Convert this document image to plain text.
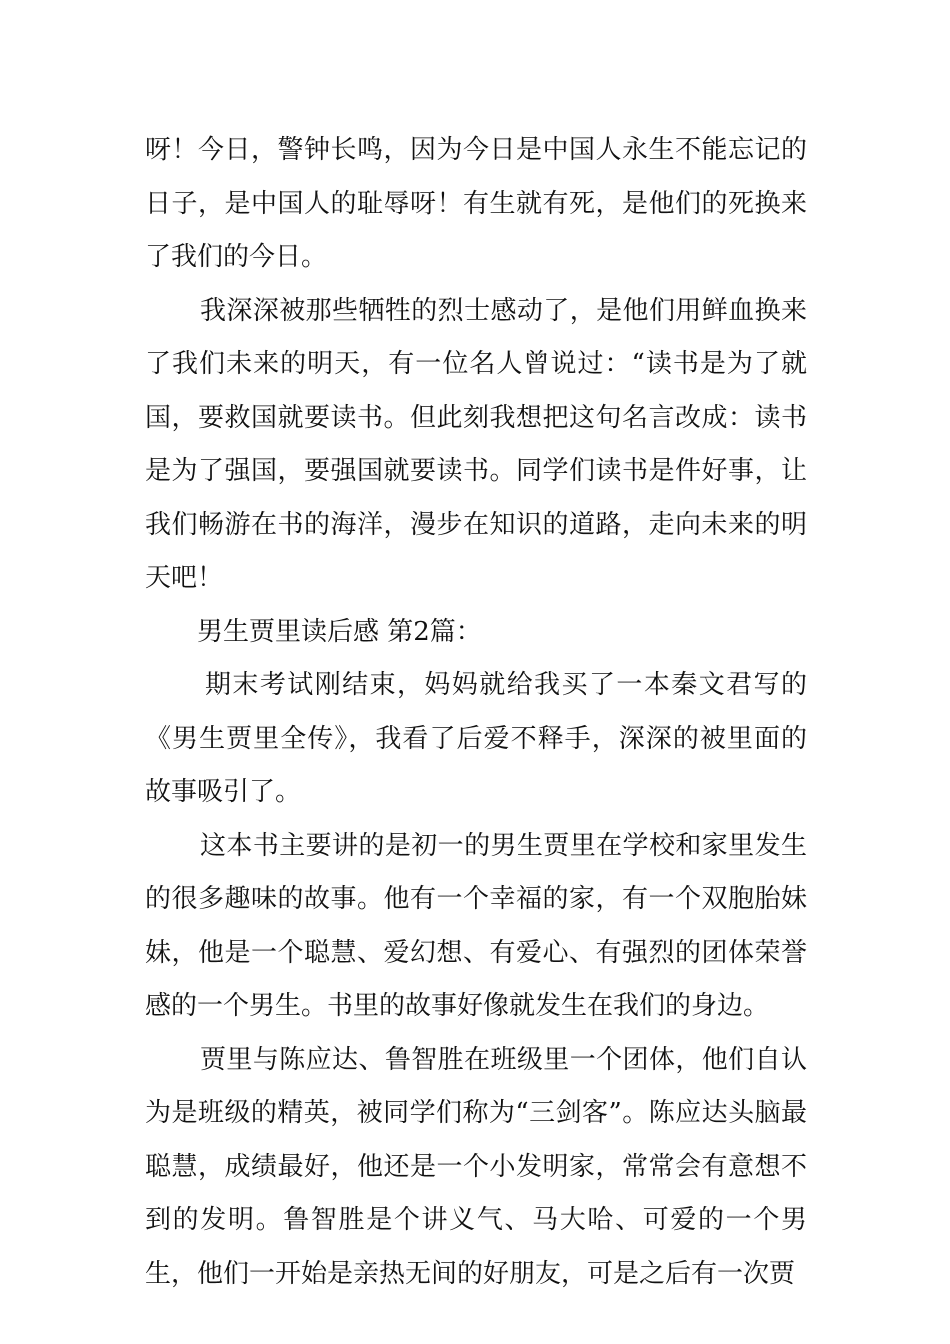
呀！今日，警钟长鸣，因为今日是中国人永生不能忘记的日子，是中国人的耻辱呀！有生就有死，是他们的死换来了我们的今日。

我深深被那些牺牲的烈士感动了，是他们用鲜血换来了我们未来的明天，有一位名人曾说过：“读书是为了就国，要救国就要读书。但此刻我想把这句名言改成：读书是为了强国，要强国就要读书。同学们读书是件好事，让我们畅游在书的海洋，漫步在知识的道路，走向未来的明天吧！

男生贾里读后感 第2篇：

期末考试刚结束，妈妈就给我买了一本秦文君写的《男生贾里全传》，我看了后爱不释手，深深的被里面的故事吸引了。

这本书主要讲的是初一的男生贾里在学校和家里发生的很多趣味的故事。他有一个幸福的家，有一个双胞胎妹妹，他是一个聪慧、爱幻想、有爱心、有强烈的团体荣誉感的一个男生。书里的故事好像就发生在我们的身边。

贾里与陈应达、鲁智胜在班级里一个团体，他们自认为是班级的精英，被同学们称为“三剑客”。陈应达头脑最聪慧，成绩最好，他还是一个小发明家，常常会有意想不到的发明。鲁智胜是个讲义气、马大哈、可爱的一个男生，他们一开始是亲热无间的好朋友，可是之后有一次贾
